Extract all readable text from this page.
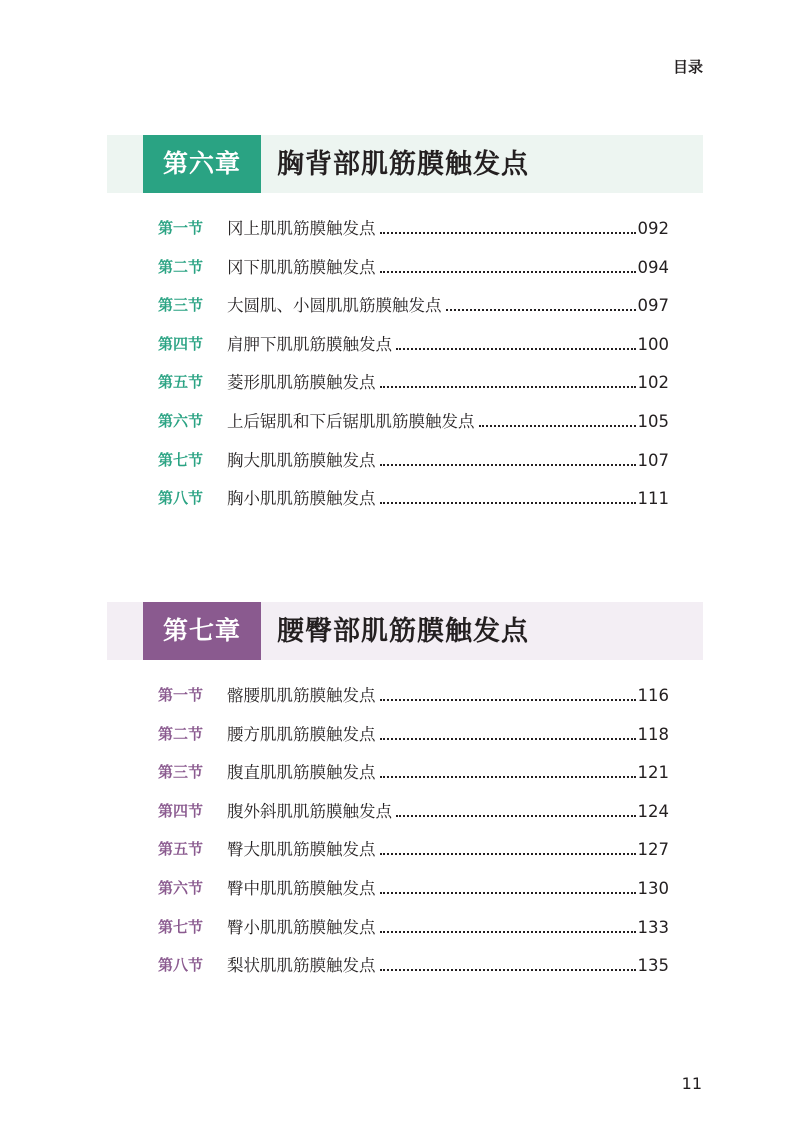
目录
第六章	胸背部肌筋膜触发点
第一节 冈上肌肌筋膜触发点	092
第二节 冈下肌肌筋膜触发点	094
第三节 大圆肌、小圆肌肌筋膜触发点	097
第四节 肩胛下肌肌筋膜触发点	100
第五节 菱形肌肌筋膜触发点	102
第六节 上后锯肌和下后锯肌肌筋膜触发点	105
第七节 胸大肌肌筋膜触发点	107
第八节 胸小肌肌筋膜触发点	111
第七章	腰臀部肌筋膜触发点
第一节 髂腰肌肌筋膜触发点	116
第二节 腰方肌肌筋膜触发点	118
第三节 腹直肌肌筋膜触发点	121
第四节 腹外斜肌肌筋膜触发点	124
第五节 臀大肌肌筋膜触发点	127
第六节 臀中肌肌筋膜触发点	130
第七节 臀小肌肌筋膜触发点	133
第八节 梨状肌肌筋膜触发点	135
11
